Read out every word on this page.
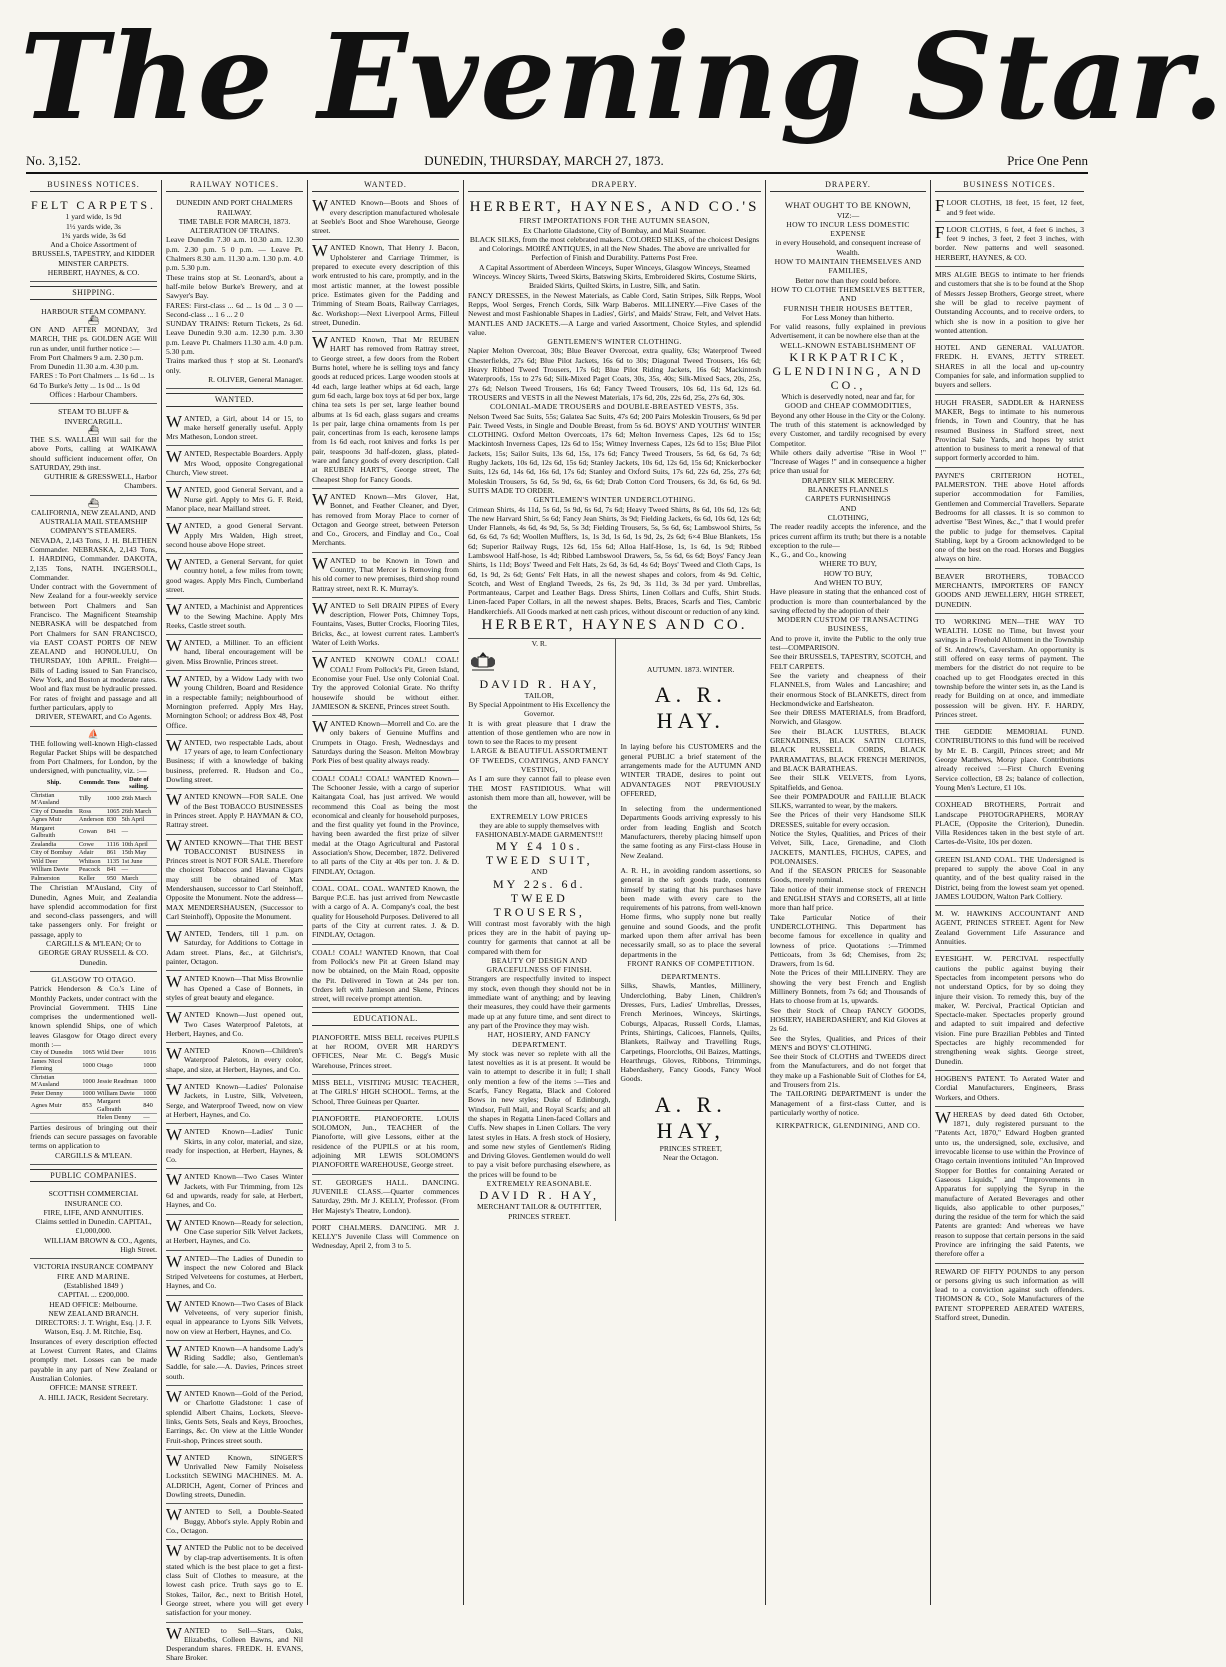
The Evening Star.
No. 3,152.	DUNEDIN, THURSDAY, MARCH 27, 1873.	Price One Penn
BUSINESS NOTICES.
FELT CARPETS.
1 yard wide, 1s 9d
1½ yards wide, 3s
1¾ yards wide, 3s 6d
And a Choice Assortment of
BRUSSELS, TAPESTRY, and KIDDER
MINSTER CARPETS.
HERBERT, HAYNES, & CO.
SHIPPING.
HARBOUR STEAM COMPANY.
⛴
ON AND AFTER MONDAY, 3rd MARCH, THE ps. GOLDEN AGE Will run as under, until further notice :—
From Port Chalmers 9 a.m. 2.30 p.m.
From Dunedin 11.30 a.m. 4.30 p.m.
FARES : To Port Chalmers ... 1s 6d ... 1s 6d To Burke's Jetty ... 1s 0d ... 1s 0d
Offices : Harbour Chambers.
STEAM TO BLUFF & INVERCARGILL.
⛴
THE S.S. WALLABI Will sail for the above Ports, calling at WAIKAWA should sufficient inducement offer, On SATURDAY, 29th inst.
GUTHRIE & GRESSWELL, Harbor Chambers.
⛴
CALIFORNIA, NEW ZEALAND, AND AUSTRALIA MAIL STEAMSHIP COMPANY'S STEAMERS.
NEVADA, 2,143 Tons, J. H. BLETHEN Commander. NEBRASKA, 2,143 Tons, I. HARDING, Commander. DAKOTA, 2,135 Tons, NATH. INGERSOLL, Commander.
Under contract with the Government of New Zealand for a four-weekly service between Port Chalmers and San Francisco. The Magnificent Steamship NEBRASKA will be despatched from Port Chalmers for SAN FRANCISCO, via EAST COAST PORTS OF NEW ZEALAND and HONOLULU, On THURSDAY, 10th APRIL. Freight—Bills of Lading issued to San Francisco, New York, and Boston at moderate rates. Wool and flax must be hydraulic pressed. For rates of freight and passage and all further particulars, apply to
DRIVER, STEWART, and Co Agents.
⛵
THE following well-known High-classed Regular Packet Ships will be despatched from Port Chalmers, for London, by the undersigned, with punctuality, viz. :—
Ship.	Commdr.	Tons	Date of sailing.
Christian M'Ausland	Tilly	1000	26th March
City of Dunedin	Ross	1065	26th March
Agnes Muir	Anderson	830	5th April
Margaret Galbraith	Cowan	841	—
Zealandia	Cowe	1116	10th April
City of Bombay	Adair	861	15th May
Wild Deer	Whitson	1135	1st June
William Davie	Peacock	841	—
Palmerston	Keller	950	March
The Christian M'Ausland, City of Dunedin, Agnes Muir, and Zealandia have splendid accommodation for first and second-class passengers, and will take passengers only. For freight or passage, apply to
CARGILLS & M'LEAN; Or to GEORGE GRAY RUSSELL & CO. Dunedin.
GLASGOW TO OTAGO.
Patrick Henderson & Co.'s Line of Monthly Packets, under contract with the Provincial Government. THIS Line comprises the undermentioned well-known splendid Ships, one of which leaves Glasgow for Otago direct every month :—
City of Dunedin	1065	Wild Deer	1016
James Nicol Fleming	1000	Otago	1000
Christian M'Ausland	1000	Jessie Readman	1000
Peter Denny	1000	William Davie	1000
Agnes Muir	853	Margaret Galbraith	840
		Helen Denny	—
Parties desirous of bringing out their friends can secure passages on favorable terms on application to
CARGILLS & M'LEAN.
PUBLIC COMPANIES.
SCOTTISH COMMERCIAL INSURANCE CO.
FIRE, LIFE, AND ANNUITIES.
Claims settled in Dunedin. CAPITAL, £1,000,000.
WILLIAM BROWN & CO., Agents, High Street.
VICTORIA INSURANCE COMPANY
FIRE AND MARINE.
(Established 1849 )
CAPITAL ... £200,000.
HEAD OFFICE: Melbourne.
NEW ZEALAND BRANCH.
DIRECTORS: J. T. Wright, Esq. | J. F. Watson, Esq. J. M. Ritchie, Esq.
Insurances of every description effected at Lowest Current Rates, and Claims promptly met. Losses can be made payable in any part of New Zealand or Australian Colonies.
OFFICE: MANSE STREET.
A. HILL JACK, Resident Secretary.
RAILWAY NOTICES.
DUNEDIN AND PORT CHALMERS RAILWAY.
TIME TABLE FOR MARCH, 1873.
ALTERATION OF TRAINS.
Leave Dunedin 7.30 a.m. 10.30 a.m. 12.30 p.m. 2.30 p.m. 5 0 p.m. — Leave Pt. Chalmers 8.30 a.m. 11.30 a.m. 1.30 p.m. 4.0 p.m. 5.30 p.m.
These trains stop at St. Leonard's, about a half-mile below Burke's Brewery, and at Sawyer's Bay.
FARES: First-class ... 6d ... 1s 0d ... 3 0 — Second-class ... 1 6 ... 2 0
SUNDAY TRAINS: Return Tickets, 2s 6d. Leave Dunedin 9.30 a.m. 12.30 p.m. 3.30 p.m. Leave Pt. Chalmers 11.30 a.m. 4.0 p.m. 5.30 p.m.
Trains marked thus † stop at St. Leonard's only.
R. OLIVER, General Manager.
WANTED.
WANTED, a Girl, about 14 or 15, to make herself generally useful. Apply Mrs Matheson, London street.
WANTED, Respectable Boarders. Apply Mrs Wood, opposite Congregational Church, View street.
WANTED, good General Servant, and a Nurse girl. Apply to Mrs G. F. Reid, Manor place, near Mailland street.
WANTED, a good General Servant. Apply Mrs Walden, High street, second house above Hope street.
WANTED, a General Servant, for quiet country hotel, a few miles from town; good wages. Apply Mrs Finch, Cumberland street.
WANTED, a Machinist and Apprentices to the Sewing Machine. Apply Mrs Reeks, Castle street south.
WANTED, a Milliner. To an efficient hand, liberal encouragement will be given. Miss Brownlie, Princes street.
WANTED, by a Widow Lady with two young Children, Board and Residence in a respectable family; neighbourhood of Mornington preferred. Apply Mrs Hay, Mornington School; or address Box 48, Post Office.
WANTED, two respectable Lads, about 17 years of age, to learn Confectionary Business; if with a knowledge of baking business, preferred. R. Hudson and Co., Dowling street.
WANTED KNOWN—FOR SALE. One of the Best TOBACCO BUSINESSES in Princes street. Apply P. HAYMAN & CO, Rattray street.
WANTED KNOWN—That THE BEST TOBACCONIST BUSINESS in Princes street is NOT FOR SALE. Therefore the choicest Tobaccos and Havana Cigars may still be obtained of Max Mendershausen, successor to Carl Steinhoff, Opposite the Monument. Note the address— MAX MENDERSHAUSEN, (Successor to Carl Steinhoff), Opposite the Monument.
WANTED, Tenders, till 1 p.m. on Saturday, for Additions to Cottage in Adam street. Plans, &c., at Gilchrist's, painter, Octagon.
WANTED Known—That Miss Brownlie has Opened a Case of Bonnets, in styles of great beauty and elegance.
WANTED Known—Just opened out, Two Cases Waterproof Paletots, at Herbert, Haynes, and Co.
WANTED Known—Children's Waterproof Paletots, in every color, shape, and size, at Herbert, Haynes, and Co.
WANTED Known—Ladies' Polonaise Jackets, in Lustre, Silk, Velveteen, Serge, and Waterproof Tweed, now on view at Herbert, Haynes, and Co.
WANTED Known—Ladies' Tunic Skirts, in any color, material, and size, ready for inspection, at Herbert, Haynes, & Co.
WANTED Known—Two Cases Winter Jackets, with Fur Trimming, from 12s 6d and upwards, ready for sale, at Herbert, Haynes, and Co.
WANTED Known—Ready for selection, One Case superior Silk Velvet Jackets, at Herbert, Haynes, and Co.
WANTED—The Ladies of Dunedin to inspect the new Colored and Black Striped Velveteens for costumes, at Herbert, Haynes, and Co.
WANTED Known—Two Cases of Black Velveteens, of very superior finish, equal in appearance to Lyons Silk Velvets, now on view at Herbert, Haynes, and Co.
WANTED Known—A handsome Lady's Riding Saddle; also, Gentleman's Saddle, for sale.—A. Davies, Princes street south.
WANTED Known—Gold of the Period, or Charlotte Gladstone: 1 case of splendid Albert Chains, Lockets, Sleeve-links, Gents Sets, Seals and Keys, Brooches, Earrings, &c. On view at the Little Wonder Fruit-shop, Princes street south.
WANTED Known, SINGER'S Unrivalled New Family Noiseless Lockstitch SEWING MACHINES. M. A. ALDRICH, Agent, Corner of Princes and Dowling streets, Dunedin.
WANTED to Sell, a Double-Seated Buggy, Abbot's style. Apply Robin and Co., Octagon.
WANTED the Public not to be deceived by clap-trap advertisements. It is often stated which is the best place to get a first-class Suit of Clothes to measure, at the lowest cash price. Truth says go to E. Stokes, Tailor, &c., next to British Hotel, George street, where you will get every satisfaction for your money.
WANTED to Sell—Stars, Oaks, Elizabeths, Colleen Bawns, and Nil Desperandum shares. FREDK. H. EVANS, Share Broker.
WANTED.
WANTED Known—Boots and Shoes of every description manufactured wholesale at Seeble's Boot and Shoe Warehouse, George street.
WANTED Known, That Henry J. Bacon, Upholsterer and Carriage Trimmer, is prepared to execute every description of this work entrusted to his care, promptly, and in the most artistic manner, at the lowest possible price. Estimates given for the Padding and Trimming of Steam Boats, Railway Carriages, &c. Workshop:—Next Liverpool Arms, Filleul street, Dunedin.
WANTED Known, That Mr REUBEN HART has removed from Rattray street, to George street, a few doors from the Robert Burns hotel, where he is selling toys and fancy goods at reduced prices. Large wooden stools at 4d each, large leather whips at 6d each, large gum 6d each, large box toys at 6d per box, large china tea sets 1s per set, large leather bound albums at 1s 6d each, glass sugars and creams 1s per pair, large china ornaments from 1s per pair, concertinas from 1s each, kerosene lamps from 1s 6d each, root knives and forks 1s per pair, teaspoons 3d half-dozen, glass, plated-ware and fancy goods of every description. Call at REUBEN HART'S, George street, The Cheapest Shop for Fancy Goods.
WANTED Known—Mrs Glover, Hat, Bonnet, and Feather Cleaner, and Dyer, has removed from Moray Place to corner of Octagon and George street, between Peterson and Co., Grocers, and Findlay and Co., Coal Merchants.
WANTED to be Known in Town and Country, That Mercer is Removing from his old corner to new premises, third shop round Rattray street, next R. K. Murray's.
WANTED to Sell DRAIN PIPES of Every description, Flower Pots, Chimney Tops, Fountains, Vases, Butter Crocks, Flooring Tiles, Bricks, &c., at lowest current rates. Lambert's Water of Leith Works.
WANTED KNOWN COAL! COAL! COAL! From Pollock's Pit, Green Island, Economise your Fuel. Use only Colonial Coal. Try the approved Colonial Grate. No thrifty housewife should be without either. JAMIESON & SKENE, Princes street South.
WANTED Known—Morrell and Co. are the only bakers of Genuine Muffins and Crumpets in Otago. Fresh, Wednesdays and Saturdays during the Season. Melton Mowbray Pork Pies of best quality always ready.
COAL! COAL! COAL! WANTED Known—The Schooner Jessie, with a cargo of superior Kaitangata Coal, has just arrived. We would recommend this Coal as being the most economical and cleanly for household purposes, and the first quality yet found in the Province, having been awarded the first prize of silver medal at the Otago Agricultural and Pastoral Association's Show, December, 1872. Delivered to all parts of the City at 40s per ton. J. & D. FINDLAY, Octagon.
COAL. COAL. COAL. WANTED Known, the Barque P.C.E. has just arrived from Newcastle with a cargo of A. A. Company's coal, the best quality for Household Purposes. Delivered to all parts of the City at current rates. J. & D. FINDLAY, Octagon.
COAL! COAL! WANTED Known, that Coal from Pollock's new Pit at Green Island may now be obtained, on the Main Road, opposite the Pit. Delivered in Town at 24s per ton. Orders left with Jamieson and Skene, Princes street, will receive prompt attention.
EDUCATIONAL.
PIANOFORTE. MISS BELL receives PUPILS at her ROOM, OVER MR HARDY'S OFFICES, Near Mr. C. Begg's Music Warehouse, Princes street.
MISS BELL, VISITING MUSIC TEACHER, at The GIRLS' HIGH SCHOOL. Terms, at the School, Three Guineas per Quarter.
PIANOFORTE. PIANOFORTE. LOUIS SOLOMON, Jun., TEACHER of the Pianoforte, will give Lessons, either at the residence of the PUPILS or at his room, adjoining MR LEWIS SOLOMON'S PIANOFORTE WAREHOUSE, George street.
ST. GEORGE'S HALL. DANCING. JUVENILE CLASS.—Quarter commences Saturday, 29th. Mr J. KELLY, Professor. (From Her Majesty's Theatre, London).
PORT CHALMERS. DANCING. MR J. KELLY'S Juvenile Class will Commence on Wednesday, April 2, from 3 to 5.
DRAPERY.
HERBERT, HAYNES, AND CO.'S
FIRST IMPORTATIONS FOR THE AUTUMN SEASON,
Ex Charlotte Gladstone, City of Bombay, and Mail Steamer.
BLACK SILKS, from the most celebrated makers. COLORED SILKS, of the choicest Designs and Colorings. MOIRÉ ANTIQUES, in all the New Shades. The above are unrivalled for Perfection of Finish and Durability. Patterns Post Free.
A Capital Assortment of Aberdeen Winceys, Super Winceys, Glasgow Winceys, Steamed Winceys. Wincey Skirts, Tweed Skirts, Batswing Skirts, Embroidered Skirts, Costume Skirts, Braided Skirts, Quilted Skirts, in Lustre, Silk, and Satin.
FANCY DRESSES, in the Newest Materials, as Cable Cord, Satin Stripes, Silk Repps, Wool Repps, Wool Serges, French Cords, Silk Warp Baberos. MILLINERY.—Five Cases of the Newest and most Fashionable Shapes in Ladies', Girls', and Maids' Straw, Felt, and Velvet Hats. MANTLES AND JACKETS.—A Large and varied Assortment, Choice Styles, and splendid value.
GENTLEMEN'S WINTER CLOTHING.
Napier Melton Overcoat, 30s; Blue Beaver Overcoat, extra quality, 63s; Waterproof Tweed Chesterfields, 27s 6d; Blue Pilot Jackets, 16s 6d to 30s; Diagonal Tweed Trousers, 16s 6d; Heavy Ribbed Tweed Trousers, 17s 6d; Blue Pilot Riding Jackets, 16s 6d; Mackintosh Waterproofs, 15s to 27s 6d; Silk-Mixed Paget Coats, 30s, 35s, 40s; Silk-Mixed Sacs, 20s, 25s, 27s 6d; Nelson Tweed Trousers, 16s 6d; Fancy Tweed Trousers, 10s 6d, 11s 6d, 12s 6d. TROUSERS and VESTS in all the Newest Materials, 17s 6d, 20s, 22s 6d, 25s, 27s 6d, 30s.
COLONIAL-MADE TROUSERS and DOUBLE-BREASTED VESTS, 35s.
Nelson Tweed Sac Suits, 55s; Galatea Sac Suits, 47s 6d; 200 Pairs Moleskin Trousers, 6s 9d per Pair. Tweed Vests, in Single and Double Breast, from 5s 6d. BOYS' AND YOUTHS' WINTER CLOTHING. Oxford Melton Overcoats, 17s 6d; Melton Inverness Capes, 12s 6d to 15s; Mackintosh Inverness Capes, 12s 6d to 15s; Witney Inverness Capes, 12s 6d to 15s; Blue Pilot Jackets, 15s; Sailor Suits, 13s 6d, 15s, 17s 6d; Fancy Tweed Trousers, 5s 6d, 6s 6d, 7s 6d; Rugby Jackets, 10s 6d, 12s 6d, 15s 6d; Stanley Jackets, 10s 6d, 12s 6d, 15s 6d; Knickerbocker Suits, 12s 6d, 14s 6d, 16s 6d, 17s 6d; Stanley and Oxford Suits, 17s 6d, 22s 6d, 25s, 27s 6d; Moleskin Trousers, 5s 6d, 5s 9d, 6s, 6s 6d; Drab Cotton Cord Trousers, 6s 3d, 6s 6d, 6s 9d. SUITS MADE TO ORDER.
GENTLEMEN'S WINTER UNDERCLOTHING.
Crimean Shirts, 4s 11d, 5s 6d, 5s 9d, 6s 6d, 7s 6d; Heavy Tweed Shirts, 8s 6d, 10s 6d, 12s 6d; The new Harvard Shirt, 5s 6d; Fancy Jean Shirts, 3s 9d; Fielding Jackets, 6s 6d, 10s 6d, 12s 6d; Under Flannels, 4s 6d, 4s 9d, 5s, 5s 3d; Fielding Trousers, 5s, 5s 6d, 6s; Lambswool Shirts, 5s 6d, 6s 6d, 7s 6d; Woollen Mufflers, 1s, 1s 3d, 1s 6d, 1s 9d, 2s, 2s 6d; 6×4 Blue Blankets, 15s 6d; Superior Railway Rugs, 12s 6d, 15s 6d; Alloa Half-Hose, 1s, 1s 6d, 1s 9d; Ribbed Lambswool Half-hose, 1s 4d; Ribbed Lambswool Drawers, 5s, 5s 6d, 6s 6d; Boys' Fancy Jean Shirts, 1s 11d; Boys' Tweed and Felt Hats, 2s 6d, 3s 6d, 4s 6d; Boys' Tweed and Cloth Caps, 1s 6d, 1s 9d, 2s 6d; Gents' Felt Hats, in all the newest shapes and colors, from 4s 9d. Celtic, Scotch, and West of England Tweeds, 2s 6s, 2s 9d, 3s 11d, 3s 3d per yard. Umbrellas, Portmanteaus, Carpet and Leather Bags. Dress Shirts, Linen Collars and Cuffs, Shirt Studs. Linen-faced Paper Collars, in all the newest shapes. Belts, Braces, Scarfs and Ties, Cambric Handkerchiefs. All Goods marked at nett cash prices, without discount or reduction of any kind.
HERBERT, HAYNES AND CO.
V. R.
DAVID R. HAY,
TAILOR,
By Special Appointment to His Excellency the Governor.
It is with great pleasure that I draw the attention of those gentlemen who are now in town to see the Races to my present
LARGE & BEAUTIFUL ASSORTMENT OF TWEEDS, COATINGS, AND FANCY VESTING,
As I am sure they cannot fail to please even THE MOST FASTIDIOUS. What will astonish them more than all, however, will be the
EXTREMELY LOW PRICES
they are able to supply themselves with FASHIONABLY-MADE GARMENTS!!!
MY £4 10s. TWEED SUIT,
AND
MY 22s. 6d. TWEED TROUSERS,
Will contrast most favorably with the high prices they are in the habit of paying up-country for garments that cannot at all be compared with them for
BEAUTY OF DESIGN AND GRACEFULNESS OF FINISH.
Strangers are respectfully invited to inspect my stock, even though they should not be in immediate want of anything; and by leaving their measures, they could have their garments made up at any future time, and sent direct to any part of the Province they may wish.
HAT, HOSIERY, AND FANCY DEPARTMENT.
My stock was never so replete with all the latest novelties as it is at present. It would be vain to attempt to describe it in full; I shall only mention a few of the items :—Ties and Scarfs, Fancy Regatta, Black and Colored Bows in new styles; Duke of Edinburgh, Windsor, Full Mail, and Royal Scarfs; and all the shapes in Regatta Linen-faced Collars and Cuffs. New shapes in Linen Collars. The very latest styles in Hats. A fresh stock of Hosiery, and some new styles of Gentlemen's Riding and Driving Gloves. Gentlemen would do well to pay a visit before purchasing elsewhere, as the prices will be found to be
EXTREMELY REASONABLE.
DAVID R. HAY,
MERCHANT TAILOR & OUTFITTER, PRINCES STREET.
AUTUMN. 1873. WINTER.
A. R. HAY.
In laying before his CUSTOMERS and the general PUBLIC a brief statement of the arrangements made for the AUTUMN AND WINTER TRADE, desires to point out ADVANTAGES NOT PREVIOUSLY OFFERED,
In selecting from the undermentioned Departments Goods arriving expressly to his order from leading English and Scotch Manufacturers, thereby placing himself upon the same footing as any First-class House in New Zealand.
A. R. H., in avoiding random assertions, so general in the soft goods trade, contents himself by stating that his purchases have been made with every care to the requirements of his patrons, from well-known Home firms, who supply none but really genuine and sound Goods, and the profit marked upon them after arrival has been necessarily small, so as to place the several departments in the
FRONT RANKS OF COMPETITION.
DEPARTMENTS.
Silks, Shawls, Mantles, Millinery, Underclothing, Baby Linen, Children's Dresses, Furs, Ladies' Umbrellas, Dresses, French Merinoes, Winceys, Skirtings, Coburgs, Alpacas, Russell Cords, Llamas, Prints, Shirtings, Calicoes, Flannels, Quilts, Blankets, Railway and Travelling Rugs, Carpetings, Floorcloths, Oil Baizes, Mattings, Hearthrugs, Gloves, Ribbons, Trimmings, Haberdashery, Fancy Goods, Fancy Wool Goods.
A. R. HAY,
PRINCES STREET,
Near the Octagon.
DRAPERY.
WHAT OUGHT TO BE KNOWN,
VIZ:—
HOW TO INCUR LESS DOMESTIC EXPENSE
in every Household, and consequent increase of Wealth.
HOW TO MAINTAIN THEMSELVES AND FAMILIES,
Better now than they could before.
HOW TO CLOTHE THEMSELVES BETTER, AND
FURNISH THEIR HOUSES BETTER,
For Less Money than hitherto.
For valid reasons, fully explained in previous Advertisement, it can be nowhere else than at the
WELL-KNOWN ESTABLISHMENT OF
KIRKPATRICK, GLENDINING, AND CO.,
Which is deservedly noted, near and far, for
GOOD and CHEAP COMMODITIES,
Beyond any other House in the City or the Colony.
The truth of this statement is acknowledged by every Customer, and tardily recognised by every Competitor.
While others daily advertise "Rise in Wool !" "Increase of Wages !" and in consequence a higher price than usual for
DRAPERY SILK MERCERY.
BLANKETS FLANNELS
CARPETS FURNISHINGS
AND
CLOTHING,
The reader readily accepts the inference, and the prices current affirm its truth; but there is a notable exception to the rule—
K., G., and Co., knowing
WHERE TO BUY,
HOW TO BUY,
And WHEN TO BUY,
Have pleasure in stating that the enhanced cost of production is more than counterbalanced by the saving effected by the adoption of their
MODERN CUSTOM OF TRANSACTING BUSINESS,
And to prove it, invite the Public to the only true test—COMPARISON.
See their BRUSSELS, TAPESTRY, SCOTCH, and FELT CARPETS.
See the variety and cheapness of their FLANNELS, from Wales and Lancashire; and their enormous Stock of BLANKETS, direct from Heckmondwicke and Earlsheaton.
See their DRESS MATERIALS, from Bradford, Norwich, and Glasgow.
See their BLACK LUSTRES, BLACK GRENADINES, BLACK SATIN CLOTHS, BLACK RUSSELL CORDS, BLACK PARRAMATTAS, BLACK FRENCH MERINOS, and BLACK BARATHEAS.
See their SILK VELVETS, from Lyons, Spitalfields, and Genoa.
See their POMPADOUR and FAILLIE BLACK SILKS, warranted to wear, by the makers.
See the Prices of their very Handsome SILK DRESSES, suitable for every occasion.
Notice the Styles, Qualities, and Prices of their Velvet, Silk, Lace, Grenadine, and Cloth JACKETS, MANTLES, FICHUS, CAPES, and POLONAISES.
And if the SEASON PRICES for Seasonable Goods, merely nominal.
Take notice of their immense stock of FRENCH and ENGLISH STAYS and CORSETS, all at little more than half price.
Take Particular Notice of their UNDERCLOTHING. This Department has become famous for excellence in quality and lowness of price. Quotations :—Trimmed Petticoats, from 3s 6d; Chemises, from 2s; Drawers, from 1s 6d.
Note the Prices of their MILLINERY. They are showing the very best French and English Millinery Bonnets, from 7s 6d; and Thousands of Hats to choose from at 1s, upwards.
See their Stock of Cheap FANCY GOODS, HOSIERY, HABERDASHERY, and Kid Gloves at 2s 6d.
See the Styles, Qualities, and Prices of their MEN'S and BOYS' CLOTHING.
See their Stock of CLOTHS and TWEEDS direct from the Manufacturers, and do not forget that they make up a Fashionable Suit of Clothes for £4, and Trousers from 21s.
The TAILORING DEPARTMENT is under the Management of a first-class Cutter, and is particularly worthy of notice.
KIRKPATRICK, GLENDINING, AND CO.
BUSINESS NOTICES.
FLOOR CLOTHS, 18 feet, 15 feet, 12 feet, and 9 feet wide.
FLOOR CLOTHS, 6 feet, 4 feet 6 inches, 3 feet 9 inches, 3 feet, 2 feet 3 inches, with border. New patterns and well seasoned. HERBERT, HAYNES, & CO.
MRS ALGIE BEGS to intimate to her friends and customers that she is to be found at the Shop of Messrs Jessep Brothers, George street, where she will be glad to receive payment of Outstanding Accounts, and to receive orders, to which she is now in a position to give her wonted attention.
HOTEL AND GENERAL VALUATOR. FREDK. H. EVANS, JETTY STREET. SHARES in all the local and up-country Companies for sale, and information supplied to buyers and sellers.
HUGH FRASER, SADDLER & HARNESS MAKER, Begs to intimate to his numerous friends, in Town and Country, that he has resumed Business in Stafford street, next Provincial Sale Yards, and hopes by strict attention to business to merit a renewal of that support formerly accorded to him.
PAYNE'S CRITERION HOTEL, PALMERSTON. THE above Hotel affords superior accommodation for Families, Gentlemen and Commercial Travellers. Separate Bedrooms for all classes. It is so common to advertise "Best Wines, &c.," that I would prefer the public to judge for themselves. Capital Stabling, kept by a Groom acknowledged to be one of the best on the road. Horses and Buggies always on hire.
BEAVER BROTHERS, TOBACCO MERCHANTS, IMPORTERS OF FANCY GOODS AND JEWELLERY, HIGH STREET, DUNEDIN.
TO WORKING MEN—THE WAY TO WEALTH. LOSE no Time, but Invest your savings in a Freehold Allotment in the Township of St. Andrew's, Caversham. An opportunity is still offered on easy terms of payment. The members for the district do not require to be coached up to get Floodgates erected in this township before the winter sets in, as the Land is ready for Building on at once, and immediate possession will be given. HY. F. HARDY, Princes street.
THE GEDDIE MEMORIAL FUND. CONTRIBUTIONS to this fund will be received by Mr E. B. Cargill, Princes street; and Mr George Matthews, Moray place. Contributions already received :—First Church Evening Service collection, £8 2s; balance of collection, Young Men's Lecture, £1 10s.
COXHEAD BROTHERS, Portrait and Landscape PHOTOGRAPHERS, MORAY PLACE, (Opposite the Criterion), Dunedin. Villa Residences taken in the best style of art. Cartes-de-Visite, 10s per dozen.
GREEN ISLAND COAL. THE Undersigned is prepared to supply the above Coal in any quantity, and of the best quality raised in the District, being from the lowest seam yet opened. JAMES LOUDON, Walton Park Colliery.
M. W. HAWKINS ACCOUNTANT AND AGENT, PRINCES STREET. Agent for New Zealand Government Life Assurance and Annuities.
EYESIGHT. W. PERCIVAL respectfully cautions the public against buying their Spectacles from incompetent persons who do not understand Optics, for by so doing they injure their vision. To remedy this, buy of the maker, W. Percival, Practical Optician and Spectacle-maker. Spectacles properly ground and adapted to suit impaired and defective vision. Fine pure Brazilian Pebbles and Tinted Spectacles are highly recommended for strengthening weak sights. George street, Dunedin.
HOGBEN'S PATENT. To Aerated Water and Cordial Manufacturers, Engineers, Brass Workers, and Others.
WHEREAS by deed dated 6th October, 1871, duly registered pursuant to the "Patents Act, 1870," Edward Hogben granted unto us, the undersigned, sole, exclusive, and irrevocable license to use within the Province of Otago certain inventions intituled "An Improved Stopper for Bottles for containing Aerated or Gaseous Liquids," and "Improvements in Apparatus for supplying the Syrup in the manufacture of Aerated Beverages and other liquids, also applicable to other purposes," during the residue of the term for which the said Patents are granted: And whereas we have reason to suppose that certain persons in the said Province are infringing the said Patents, we therefore offer a
REWARD OF FIFTY POUNDS to any person or persons giving us such information as will lead to a conviction against such offenders. THOMSON & CO., Sole Manufacturers of the PATENT STOPPERED AERATED WATERS, Stafford street, Dunedin.
